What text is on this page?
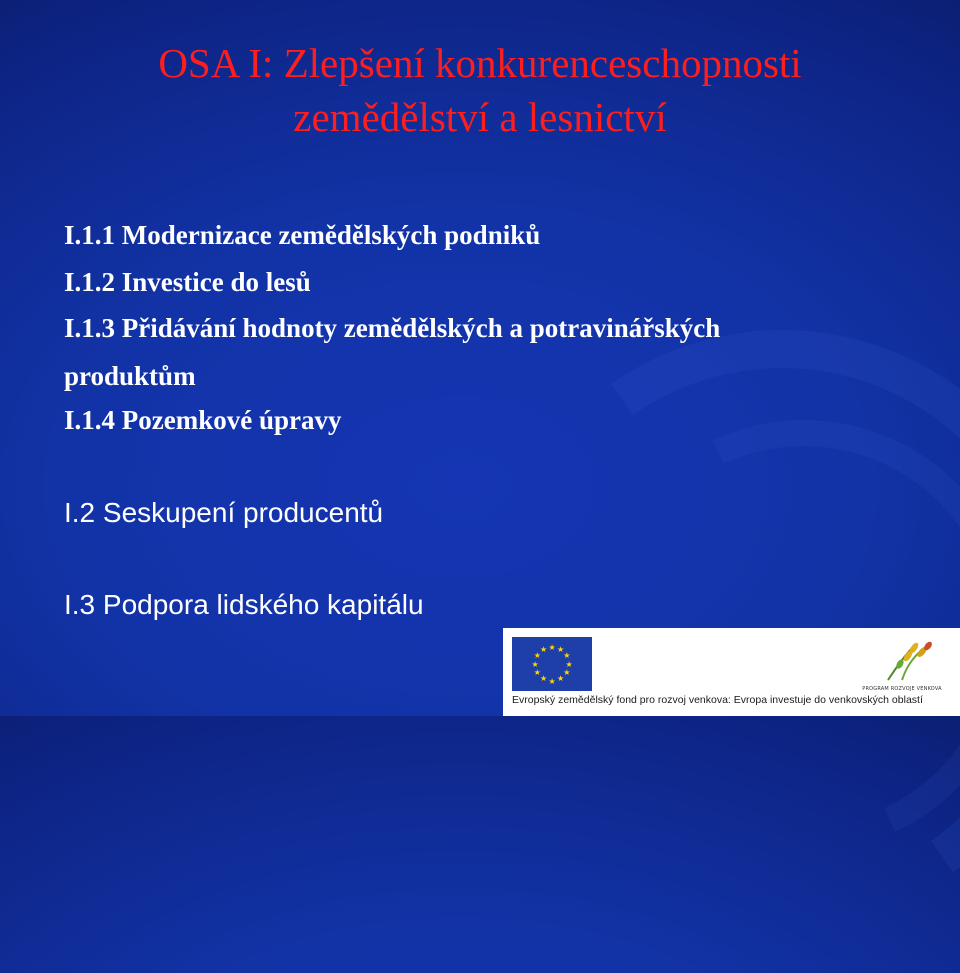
OSA I: Zlepšení konkurenceschopnosti
zemědělství a lesnictví

I.1.1 Modernizace zemědělských podniků

I.1.2 Investice do lesů

I.1.3 Přidávání hodnoty zemědělských a potravinářských

produktům

I.1.4 Pozemkové úpravy

I.2 Seskupení producentů

I.3 Podpora lidského kapitálu

★ ★
★
★
★
★
★
★
★
★
★
★
PROGRAM ROZVOJE VENKOVA
Evropský zemědělský fond pro rozvoj venkova: Evropa investuje do venkovských oblastí
